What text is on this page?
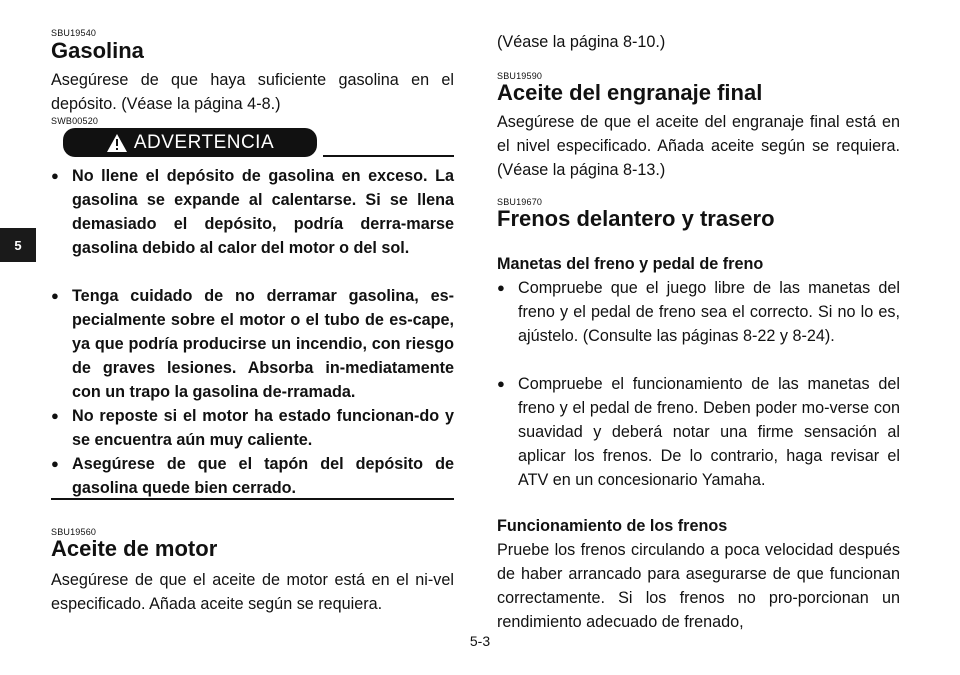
5
SBU19540
Gasolina
Asegúrese de que haya suficiente gasolina en el depósito. (Véase la página 4-8.)
SWB00520
ADVERTENCIA
● No llene el depósito de gasolina en exceso. La gasolina se expande al calentarse. Si se llena demasiado el depósito, podría derra-marse gasolina debido al calor del motor o del sol.
● Tenga cuidado de no derramar gasolina, es-pecialmente sobre el motor o el tubo de es-cape, ya que podría producirse un incendio, con riesgo de graves lesiones. Absorba in-mediatamente con un trapo la gasolina de-rramada.
● No reposte si el motor ha estado funcionan-do y se encuentra aún muy caliente.
● Asegúrese de que el tapón del depósito de gasolina quede bien cerrado.
SBU19560
Aceite de motor
Asegúrese de que el aceite de motor está en el ni-vel especificado. Añada aceite según se requiera.
(Véase la página 8-10.)
SBU19590
Aceite del engranaje final
Asegúrese de que el aceite del engranaje final está en el nivel especificado. Añada aceite según se requiera. (Véase la página 8-13.)
SBU19670
Frenos delantero y trasero
Manetas del freno y pedal de freno
● Compruebe que el juego libre de las manetas del freno y el pedal de freno sea el correcto. Si no lo es, ajústelo. (Consulte las páginas 8-22 y 8-24).
● Compruebe el funcionamiento de las manetas del freno y el pedal de freno. Deben poder mo-verse con suavidad y deberá notar una firme sensación al aplicar los frenos. De lo contrario, haga revisar el ATV en un concesionario Yamaha.
Funcionamiento de los frenos
Pruebe los frenos circulando a poca velocidad después de haber arrancado para asegurarse de que funcionan correctamente. Si los frenos no pro-porcionan un rendimiento adecuado de frenado,
5-3
